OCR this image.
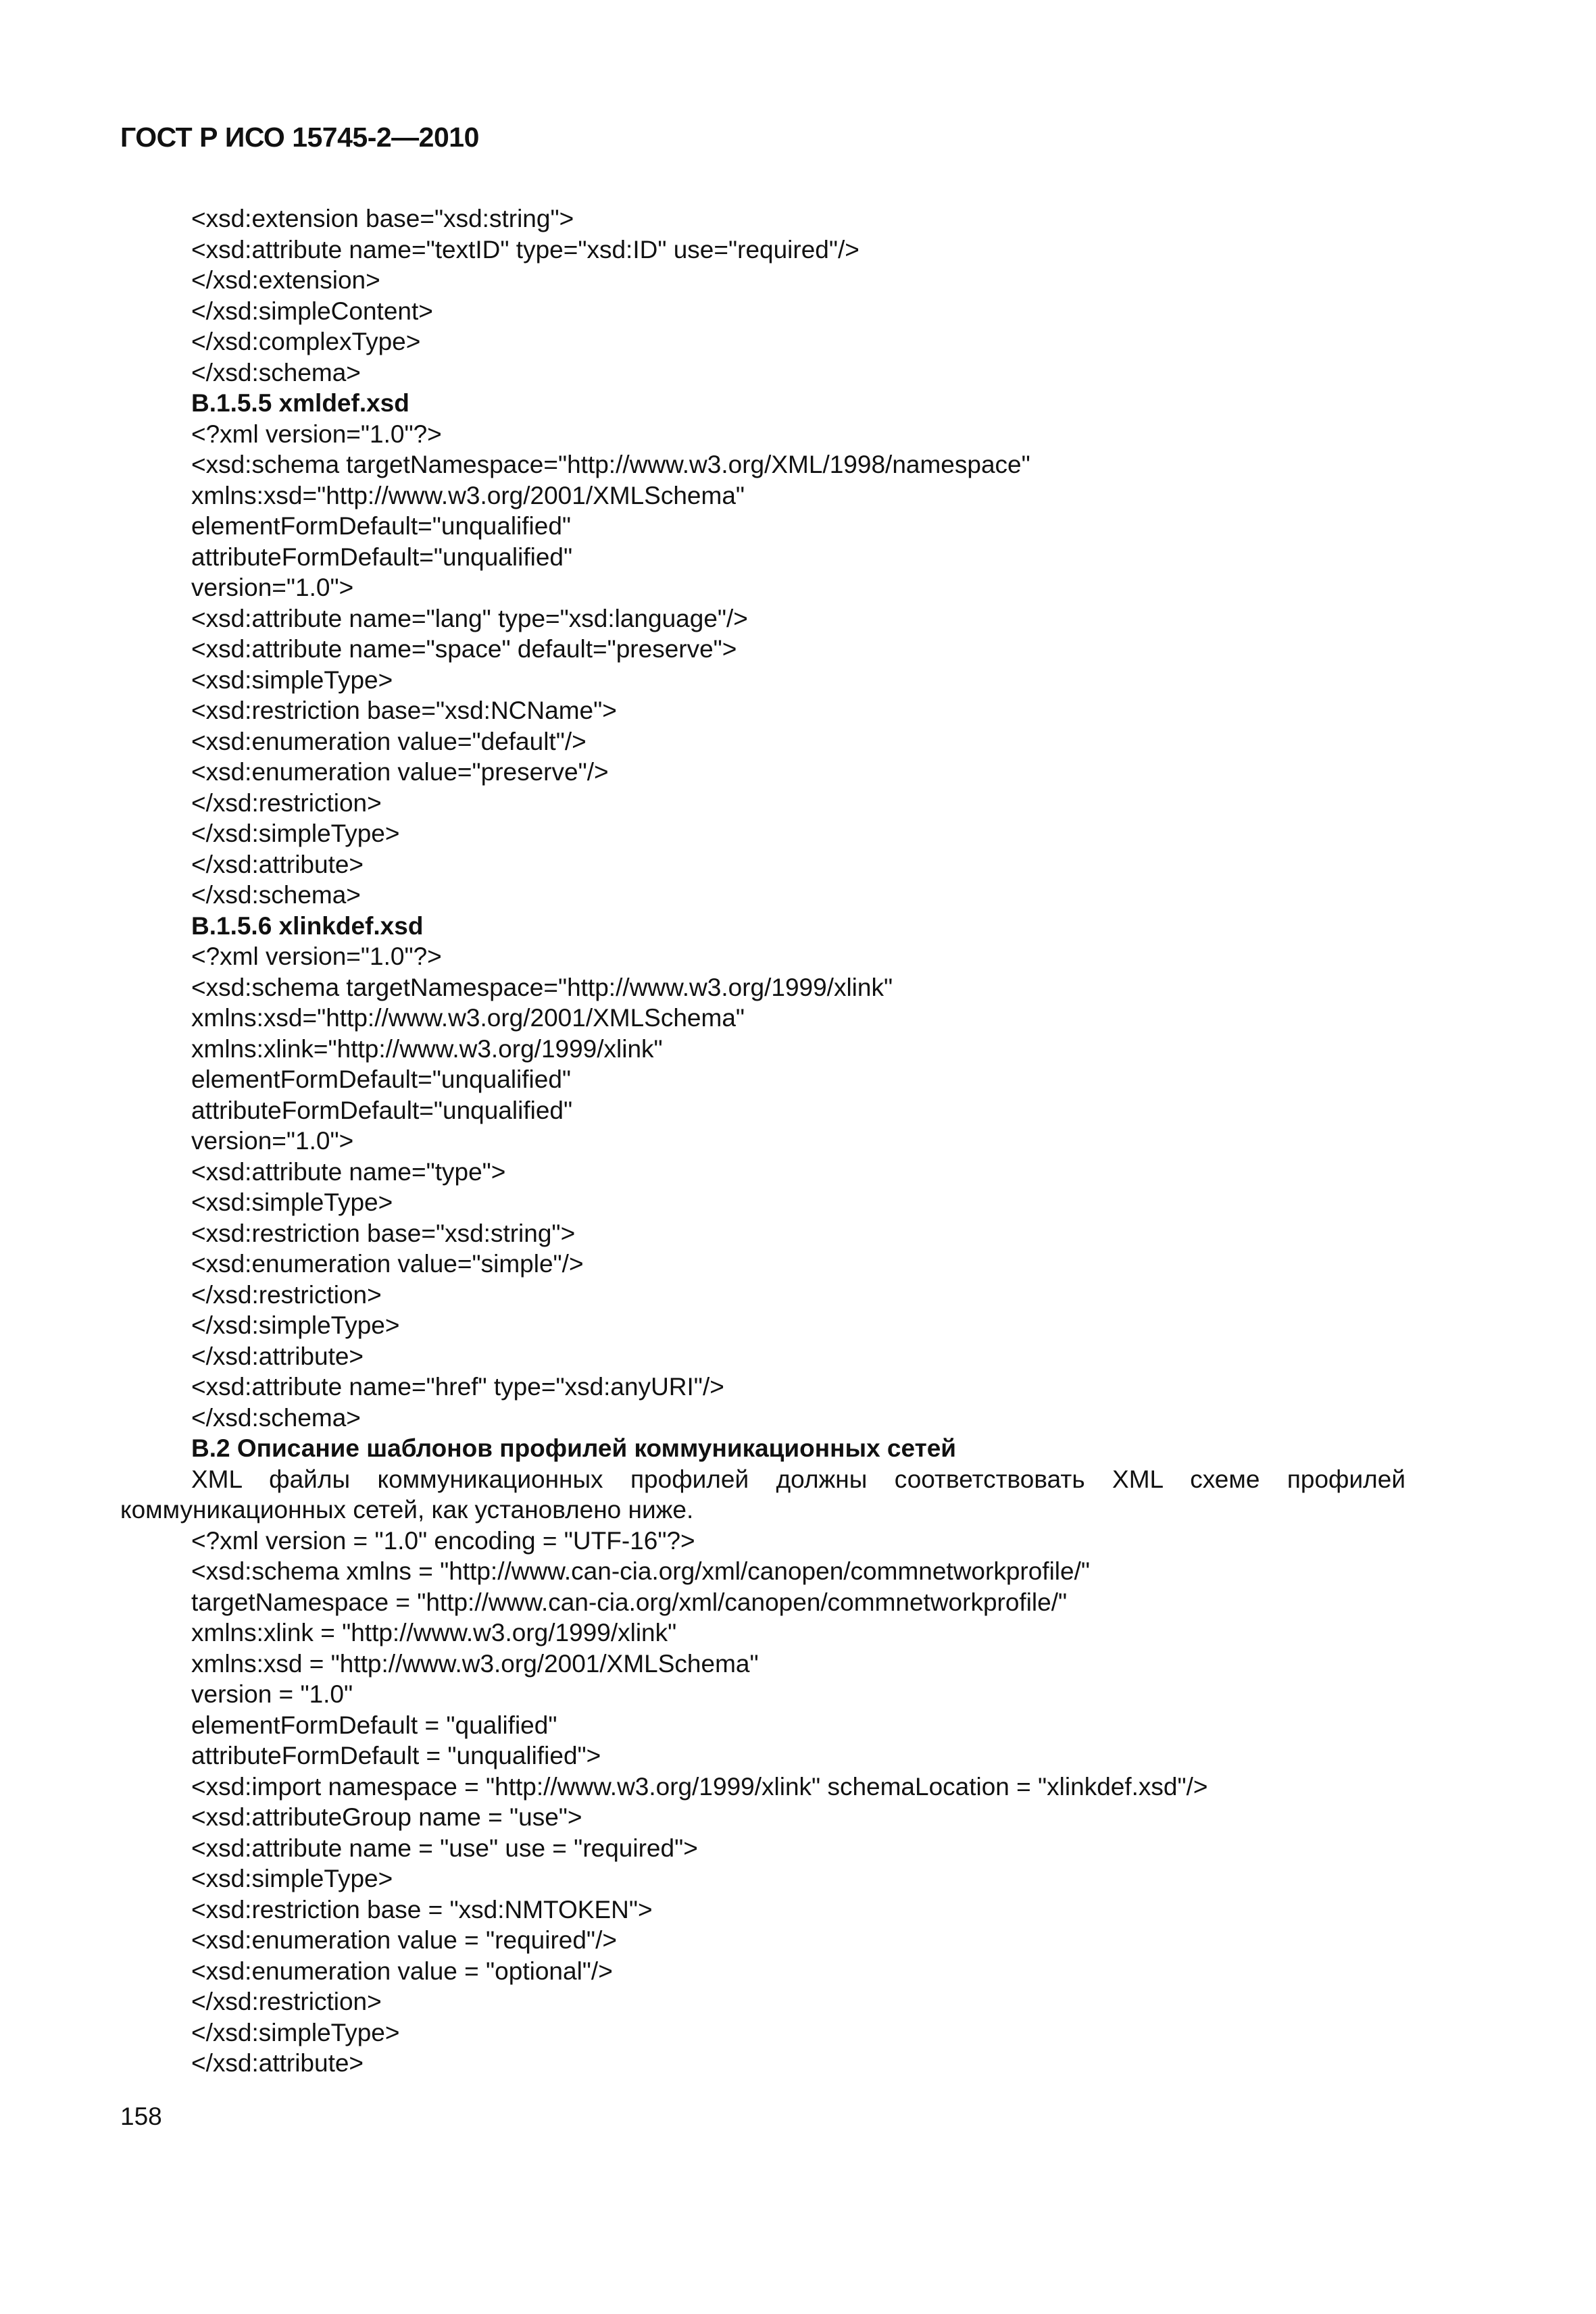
ГОСТ Р ИСО 15745-2—2010
<xsd:extension base="xsd:string">
<xsd:attribute name="textID" type="xsd:ID" use="required"/>
</xsd:extension>
</xsd:simpleContent>
</xsd:complexType>
</xsd:schema>
B.1.5.5 xmldef.xsd
<?xml version="1.0"?>
<xsd:schema targetNamespace="http://www.w3.org/XML/1998/namespace"
xmlns:xsd="http://www.w3.org/2001/XMLSchema"
elementFormDefault="unqualified"
attributeFormDefault="unqualified"
version="1.0">
<xsd:attribute name="lang" type="xsd:language"/>
<xsd:attribute name="space" default="preserve">
<xsd:simpleType>
<xsd:restriction base="xsd:NCName">
<xsd:enumeration value="default"/>
<xsd:enumeration value="preserve"/>
</xsd:restriction>
</xsd:simpleType>
</xsd:attribute>
</xsd:schema>
B.1.5.6 xlinkdef.xsd
<?xml version="1.0"?>
<xsd:schema targetNamespace="http://www.w3.org/1999/xlink"
xmlns:xsd="http://www.w3.org/2001/XMLSchema"
xmlns:xlink="http://www.w3.org/1999/xlink"
elementFormDefault="unqualified"
attributeFormDefault="unqualified"
version="1.0">
<xsd:attribute name="type">
<xsd:simpleType>
<xsd:restriction base="xsd:string">
<xsd:enumeration value="simple"/>
</xsd:restriction>
</xsd:simpleType>
</xsd:attribute>
<xsd:attribute name="href" type="xsd:anyURI"/>
</xsd:schema>
B.2 Описание шаблонов профилей коммуникационных сетей
XML файлы коммуникационных профилей должны соответствовать XML схеме профилей коммуникационных сетей, как установлено ниже.
<?xml version = "1.0" encoding = "UTF-16"?>
<xsd:schema xmlns = "http://www.can-cia.org/xml/canopen/commnetworkprofile/"
targetNamespace = "http://www.can-cia.org/xml/canopen/commnetworkprofile/"
xmlns:xlink = "http://www.w3.org/1999/xlink"
xmlns:xsd = "http://www.w3.org/2001/XMLSchema"
version = "1.0"
elementFormDefault = "qualified"
attributeFormDefault = "unqualified">
<xsd:import namespace = "http://www.w3.org/1999/xlink" schemaLocation = "xlinkdef.xsd"/>
<xsd:attributeGroup name = "use">
<xsd:attribute name = "use" use = "required">
<xsd:simpleType>
<xsd:restriction base = "xsd:NMTOKEN">
<xsd:enumeration value = "required"/>
<xsd:enumeration value = "optional"/>
</xsd:restriction>
</xsd:simpleType>
</xsd:attribute>
158
